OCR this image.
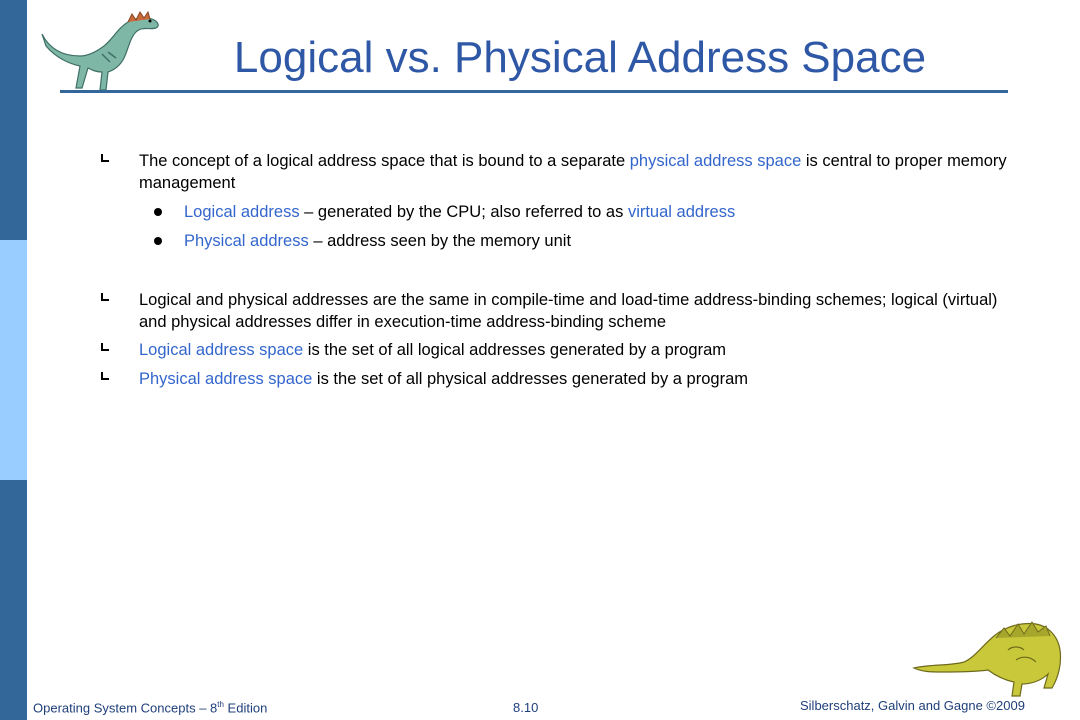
Logical vs. Physical Address Space
The concept of a logical address space that is bound to a separate physical address space is central to proper memory management
Logical address – generated by the CPU; also referred to as virtual address
Physical address – address seen by the memory unit
Logical and physical addresses are the same in compile-time and load-time address-binding schemes; logical (virtual) and physical addresses differ in execution-time address-binding scheme
Logical address space is the set of all logical addresses generated by a program
Physical address space is the set of all physical addresses generated by a program
Operating System Concepts – 8th Edition	8.10	Silberschatz, Galvin and Gagne ©2009
